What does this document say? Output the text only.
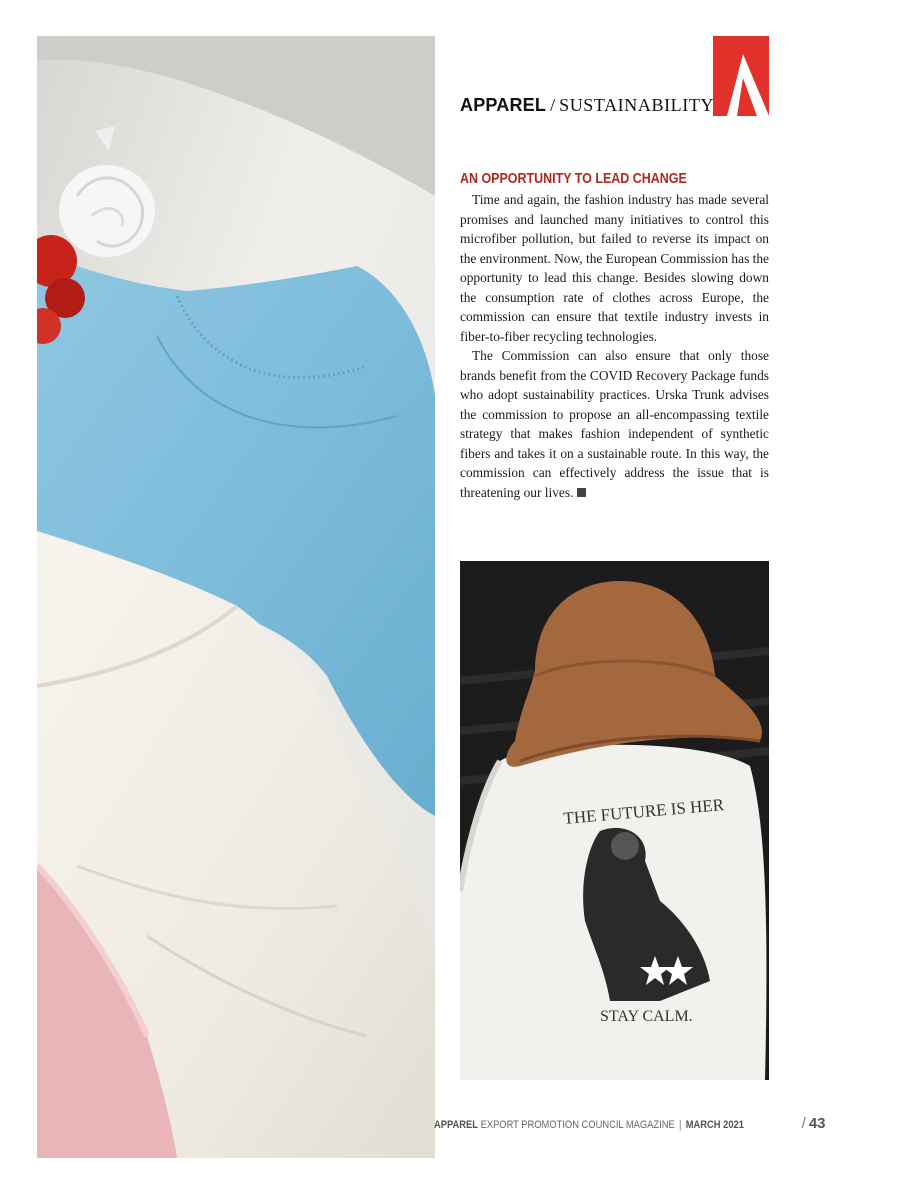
APPAREL / SUSTAINABILITY
AN OPPORTUNITY TO LEAD CHANGE

Time and again, the fashion industry has made several promises and launched many initiatives to control this microfiber pollution, but failed to reverse its impact on the environment. Now, the European Commission has the opportunity to lead this change. Besides slowing down the consumption rate of clothes across Europe, the commission can ensure that textile industry invests in fiber-to-fiber recycling technologies.

The Commission can also ensure that only those brands benefit from the COVID Recovery Package funds who adopt sustainability practices. Urska Trunk advises the commission to propose an all-encompassing textile strategy that makes fashion independent of synthetic fibers and takes it on a sustainable route. In this way, the commission can effectively address the issue that is threatening our lives.

THE FUTURE IS HER
STAY CALM.
APPAREL EXPORT PROMOTION COUNCIL MAGAZINE | MARCH 2021	/ 43
